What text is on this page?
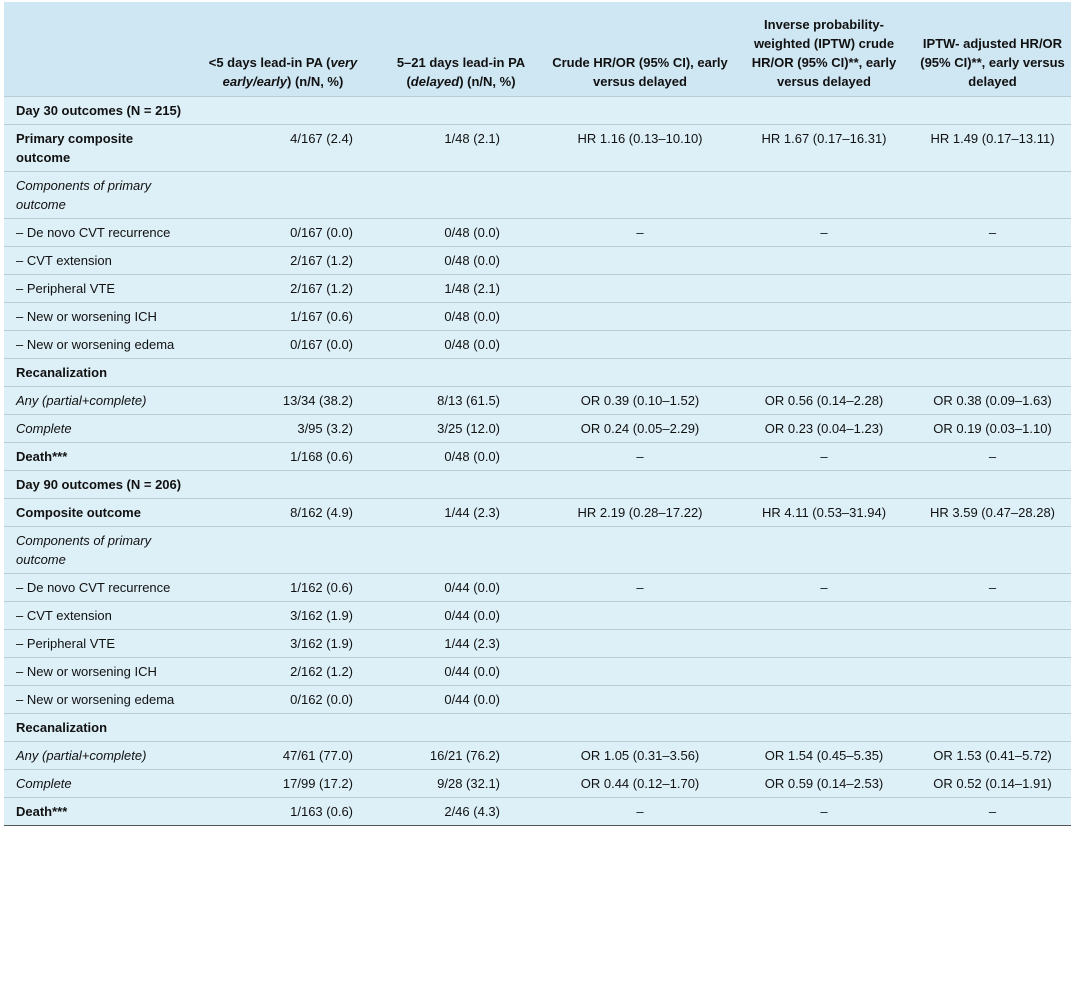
	<5 days lead-in PA (very early/early) (n/N, %)	5–21 days lead-in PA (delayed) (n/N, %)	Crude HR/OR (95% CI), early versus delayed	Inverse probability-weighted (IPTW) crude HR/OR (95% CI)**, early versus delayed	IPTW- adjusted HR/OR (95% CI)**, early versus delayed
Day 30 outcomes (N = 215)					
Primary composite outcome	4/167 (2.4)	1/48 (2.1)	HR 1.16 (0.13–10.10)	HR 1.67 (0.17–16.31)	HR 1.49 (0.17–13.11)
Components of primary outcome					
– De novo CVT recurrence	0/167 (0.0)	0/48 (0.0)	–	–	–
– CVT extension	2/167 (1.2)	0/48 (0.0)			
– Peripheral VTE	2/167 (1.2)	1/48 (2.1)			
– New or worsening ICH	1/167 (0.6)	0/48 (0.0)			
– New or worsening edema	0/167 (0.0)	0/48 (0.0)			
Recanalization					
Any (partial+complete)	13/34 (38.2)	8/13 (61.5)	OR 0.39 (0.10–1.52)	OR 0.56 (0.14–2.28)	OR 0.38 (0.09–1.63)
Complete	3/95 (3.2)	3/25 (12.0)	OR 0.24 (0.05–2.29)	OR 0.23 (0.04–1.23)	OR 0.19 (0.03–1.10)
Death***	1/168 (0.6)	0/48 (0.0)	–	–	–
Day 90 outcomes (N = 206)					
Composite outcome	8/162 (4.9)	1/44 (2.3)	HR 2.19 (0.28–17.22)	HR 4.11 (0.53–31.94)	HR 3.59 (0.47–28.28)
Components of primary outcome					
– De novo CVT recurrence	1/162 (0.6)	0/44 (0.0)	–	–	–
– CVT extension	3/162 (1.9)	0/44 (0.0)			
– Peripheral VTE	3/162 (1.9)	1/44 (2.3)			
– New or worsening ICH	2/162 (1.2)	0/44 (0.0)			
– New or worsening edema	0/162 (0.0)	0/44 (0.0)			
Recanalization					
Any (partial+complete)	47/61 (77.0)	16/21 (76.2)	OR 1.05 (0.31–3.56)	OR 1.54 (0.45–5.35)	OR 1.53 (0.41–5.72)
Complete	17/99 (17.2)	9/28 (32.1)	OR 0.44 (0.12–1.70)	OR 0.59 (0.14–2.53)	OR 0.52 (0.14–1.91)
Death***	1/163 (0.6)	2/46 (4.3)	–	–	–
